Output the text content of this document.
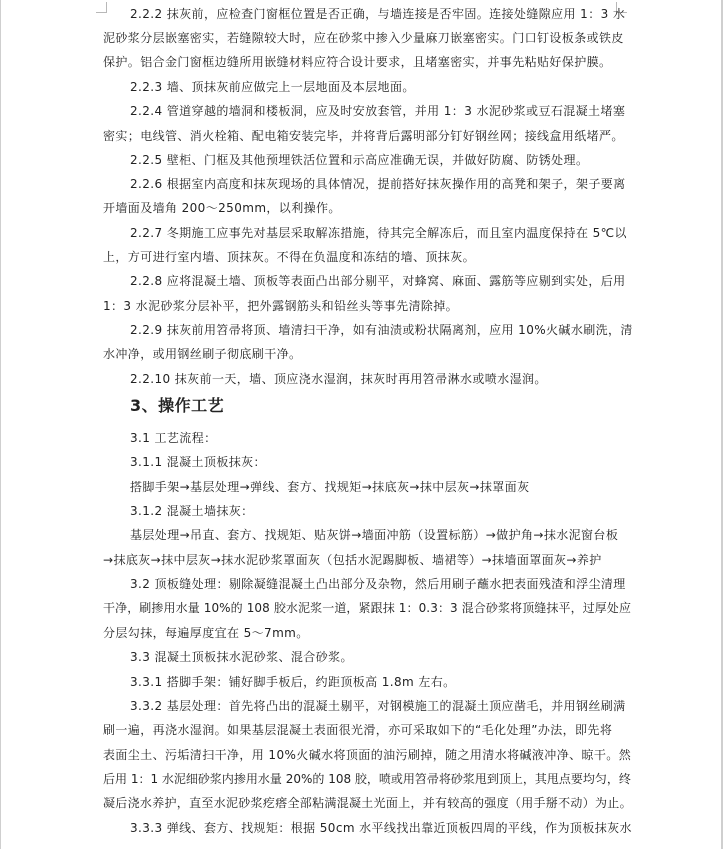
2.2.2 抹灰前，应检查门窗框位置是否正确，与墙连接是否牢固。连接处缝隙应用 1：3 水
泥砂浆分层嵌塞密实，若缝隙较大时，应在砂浆中掺入少量麻刀嵌塞密实。门口钉设板条或铁皮
保护。铝合金门窗框边缝所用嵌缝材料应符合设计要求，且堵塞密实，并事先粘贴好保护膜。
2.2.3 墙、顶抹灰前应做完上一层地面及本层地面。
2.2.4 管道穿越的墙洞和楼板洞，应及时安放套管，并用 1：3 水泥砂浆或豆石混凝土堵塞
密实；电线管、消火栓箱、配电箱安装完毕，并将背后露明部分钉好钢丝网；接线盒用纸堵严。
2.2.5 壁柜、门框及其他预埋铁活位置和示高应准确无误，并做好防腐、防锈处理。
2.2.6 根据室内高度和抹灰现场的具体情况，提前搭好抹灰操作用的高凳和架子，架子要离
开墙面及墙角 200～250mm，以利操作。
2.2.7 冬期施工应事先对基层采取解冻措施，待其完全解冻后，而且室内温度保持在 5℃以
上，方可进行室内墙、顶抹灰。不得在负温度和冻结的墙、顶抹灰。
2.2.8 应将混凝土墙、顶板等表面凸出部分剔平，对蜂窝、麻面、露筋等应剔到实处，后用
1：3 水泥砂浆分层补平，把外露钢筋头和铅丝头等事先清除掉。
2.2.9 抹灰前用笤帚将顶、墙清扫干净，如有油渍或粉状隔离剂，应用 10%火碱水刷洗，清
水冲净，或用钢丝刷子彻底刷干净。
2.2.10 抹灰前一天，墙、顶应浇水湿润，抹灰时再用笤帚淋水或喷水湿润。
3、操作工艺
3.1 工艺流程：
3.1.1 混凝土顶板抹灰：
搭脚手架→基层处理→弹线、套方、找规矩→抹底灰→抹中层灰→抹罩面灰
3.1.2 混凝土墙抹灰：
基层处理→吊直、套方、找规矩、贴灰饼→墙面冲筋（设置标筋）→做护角→抹水泥窗台板
→抹底灰→抹中层灰→抹水泥砂浆罩面灰（包括水泥踢脚板、墙裙等）→抹墙面罩面灰→养护
3.2 顶板缝处理：剔除凝缝混凝土凸出部分及杂物，然后用刷子蘸水把表面残渣和浮尘清理
干净，刷掺用水量 10%的 108 胶水泥浆一道，紧跟抹 1：0.3：3 混合砂浆将顶缝抹平，过厚处应
分层勾抹，每遍厚度宜在 5～7mm。
3.3 混凝土顶板抹水泥砂浆、混合砂浆。
3.3.1 搭脚手架：铺好脚手板后，约距顶板高 1.8m 左右。
3.3.2 基层处理：首先将凸出的混凝土剔平，对钢模施工的混凝土顶应凿毛，并用钢丝刷满
刷一遍，再浇水湿润。如果基层混凝土表面很光滑，亦可采取如下的“毛化处理”办法，即先将
表面尘土、污垢清扫干净，用 10%火碱水将顶面的油污刷掉，随之用清水将碱液冲净、晾干。然
后用 1：1 水泥细砂浆内掺用水量 20%的 108 胶，喷或用笤帚将砂浆甩到顶上，其甩点要均匀，终
凝后浇水养护，直至水泥砂浆疙瘩全部粘满混凝土光面上，并有较高的强度（用手掰不动）为止。
3.3.3 弹线、套方、找规矩：根据 50cm 水平线找出靠近顶板四周的平线，作为顶板抹灰水
